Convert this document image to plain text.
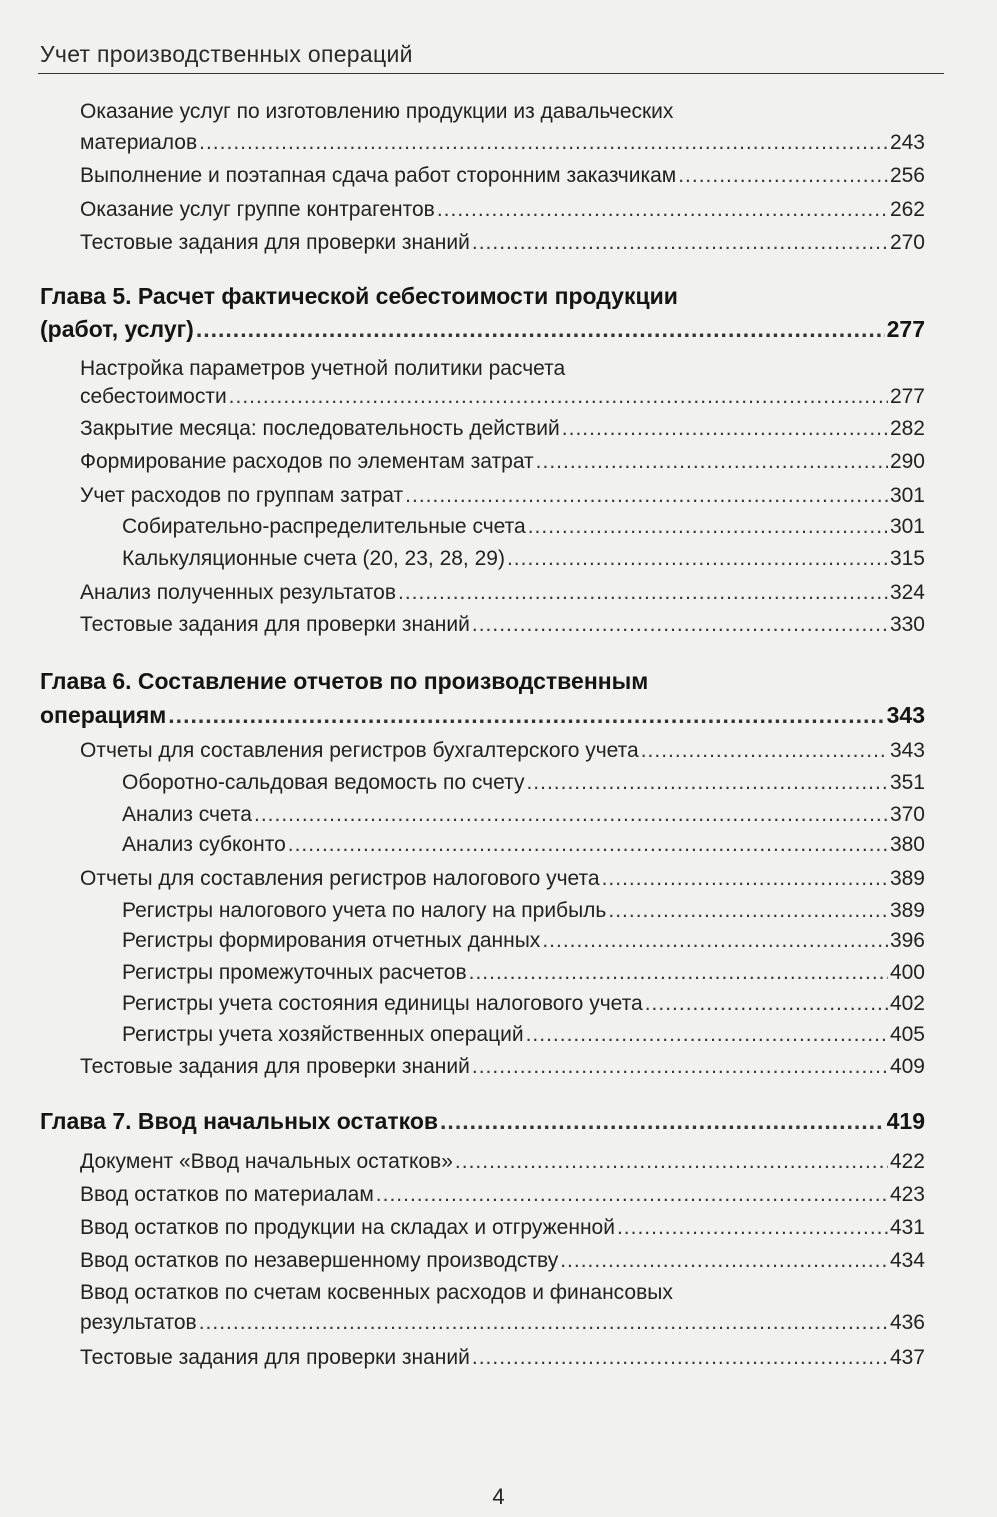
Учет производственных операций
Оказание услуг по изготовлению продукции из давальческих
материалов .....	243
Выполнение и поэтапная сдача работ сторонним заказчикам .....	256
Оказание услуг группе контрагентов .....	262
Тестовые задания для проверки знаний .....	270
Глава 5. Расчет фактической себестоимости продукции
(работ, услуг) .....	277
Настройка параметров учетной политики расчета
себестоимости .....	277
Закрытие месяца: последовательность действий .....	282
Формирование расходов по элементам затрат .....	290
Учет расходов по группам затрат .....	301
Собирательно-распределительные счета .....	301
Калькуляционные счета (20, 23, 28, 29) .....	315
Анализ полученных результатов .....	324
Тестовые задания для проверки знаний .....	330
Глава 6. Составление отчетов по производственным
операциям .....	343
Отчеты для составления регистров бухгалтерского учета .....	343
Оборотно-сальдовая ведомость по счету .....	351
Анализ счета .....	370
Анализ субконто .....	380
Отчеты для составления регистров налогового учета .....	389
Регистры налогового учета по налогу на прибыль .....	389
Регистры формирования отчетных данных .....	396
Регистры промежуточных расчетов .....	400
Регистры учета состояния единицы налогового учета .....	402
Регистры учета хозяйственных операций .....	405
Тестовые задания для проверки знаний .....	409
Глава 7. Ввод начальных остатков .....	419
Документ «Ввод начальных остатков» .....	422
Ввод остатков по материалам .....	423
Ввод остатков по продукции на складах и отгруженной .....	431
Ввод остатков по незавершенному производству .....	434
Ввод остатков по счетам косвенных расходов и финансовых
результатов .....	436
Тестовые задания для проверки знаний .....	437
4
